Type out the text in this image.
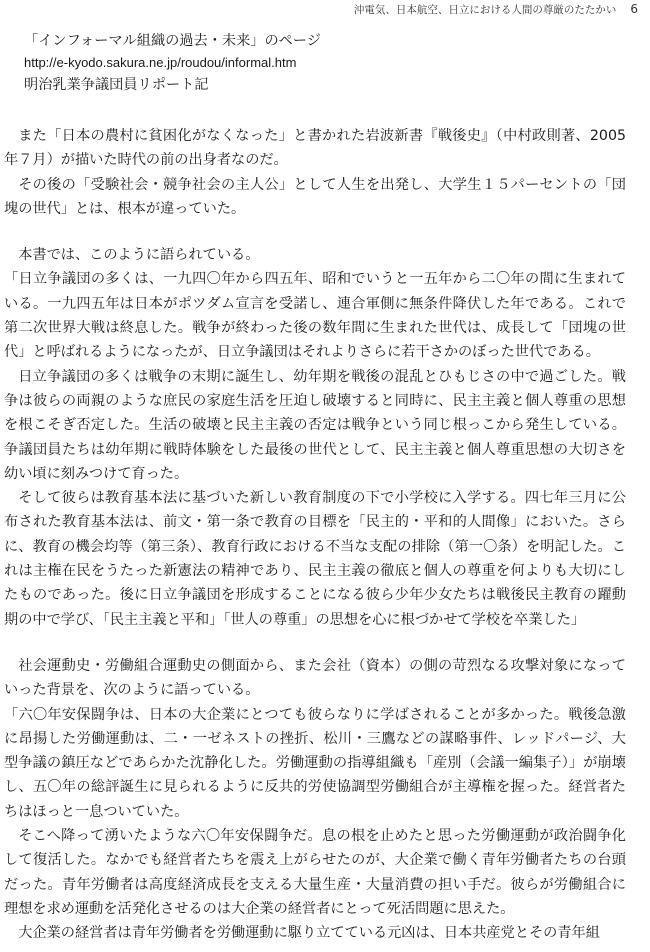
沖電気、日本航空、日立における人間の尊厳のたたかい 6
「インフォーマル組織の過去・未来」のページ
http://e-kyodo.sakura.ne.jp/roudou/informal.htm
明治乳業争議団員リポート記

また「日本の農村に貧困化がなくなった」と書かれた岩波新書『戦後史』（中村政則著、2005年７月）が描いた時代の前の出身者なのだ。

その後の「受験社会・競争社会の主人公」として人生を出発し、大学生１５パーセントの「団塊の世代」とは、根本が違っていた。

本書では、このように語られている。

「日立争議団の多くは、一九四〇年から四五年、昭和でいうと一五年から二〇年の間に生まれている。一九四五年は日本がポツダム宣言を受諾し、連合軍側に無条件降伏した年である。これで第二次世界大戦は終息した。戦争が終わった後の数年間に生まれた世代は、成長して「団塊の世代」と呼ばれるようになったが、日立争議団はそれよりさらに若干さかのぼった世代である。

日立争議団の多くは戦争の末期に誕生し、幼年期を戦後の混乱とひもじさの中で過ごした。戦争は彼らの両親のような庶民の家庭生活を圧迫し破壊すると同時に、民主主義と個人尊重の思想を根こそぎ否定した。生活の破壊と民主主義の否定は戦争という同じ根っこから発生している。争議団員たちは幼年期に戦時体験をした最後の世代として、民主主義と個人尊重思想の大切さを幼い頃に刻みつけて育った。

そして彼らは教育基本法に基づいた新しい教育制度の下で小学校に入学する。四七年三月に公布された教育基本法は、前文・第一条で教育の目標を「民主的・平和的人間像」においた。さらに、教育の機会均等（第三条）、教育行政における不当な支配の排除（第一〇条）を明記した。これは主権在民をうたった新憲法の精神であり、民主主義の徹底と個人の尊重を何よりも大切にしたものであった。後に日立争議団を形成することになる彼ら少年少女たちは戦後民主教育の躍動期の中で学び、「民主主義と平和」「世人の尊重」の思想を心に根づかせて学校を卒業した」

社会運動史・労働組合運動史の側面から、また会社（資本）の側の苛烈なる攻撃対象になっていった背景を、次のように語っている。

「六〇年安保闘争は、日本の大企業にとつても彼らなりに学ばされることが多かった。戦後急激に昂揚した労働運動は、二・一ゼネストの挫折、松川・三鷹などの謀略事件、レッドパージ、大型争議の鎮圧などであらかた沈静化した。労働運動の指導組織も「産別（会議一編集子）」が崩壊し、五〇年の総評誕生に見られるように反共的労使協調型労働組合が主導権を握った。経営者たちはほっと一息ついていた。

そこへ降って湧いたような六〇年安保闘争だ。息の根を止めたと思った労働運動が政治闘争化して復活した。なかでも経営者たちを震え上がらせたのが、大企業で働く青年労働者たちの台頭だった。青年労働者は高度経済成長を支える大量生産・大量消費の担い手だ。彼らが労働組合に理想を求め運動を活発化させるのは大企業の経営者にとって死活問題に思えた。

大企業の経営者は青年労働者を労働運動に駆り立てている元凶は、日本共産党とその青年組
